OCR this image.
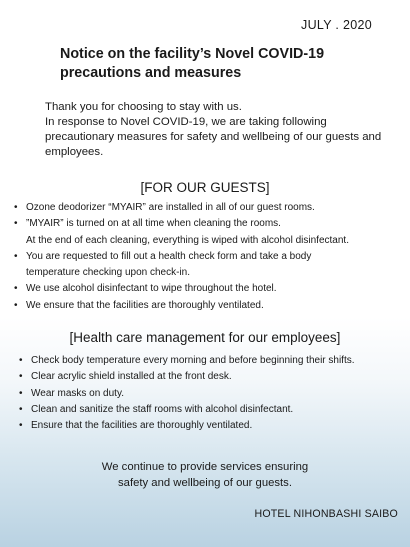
JULY . 2020
Notice on the facility’s Novel COVID-19 precautions and measures

Thank you for choosing to stay with us.

In response to Novel COVID-19, we are taking following precautionary measures for safety and wellbeing of our guests and employees.

[FOR OUR GUESTS]
• Ozone deodorizer “MYAIR” are installed in all of our guest rooms.
• ”MYAIR” is turned on at all time when cleaning the rooms.
At the end of each cleaning, everything is wiped with alcohol disinfectant.
• You are requested to fill out a health check form and take a body
temperature checking upon check-in.
• We use alcohol disinfectant to wipe throughout the hotel.
• We ensure that the facilities are thoroughly ventilated.
[Health care management for our employees]
• Check body temperature every morning and before beginning their shifts.
• Clear acrylic shield installed at the front desk.
• Wear masks on duty.
• Clean and sanitize the staff rooms with alcohol disinfectant.
• Ensure that the facilities are thoroughly ventilated.

We continue to provide services ensuring

safety and wellbeing of our guests.

HOTEL NIHONBASHI SAIBO
